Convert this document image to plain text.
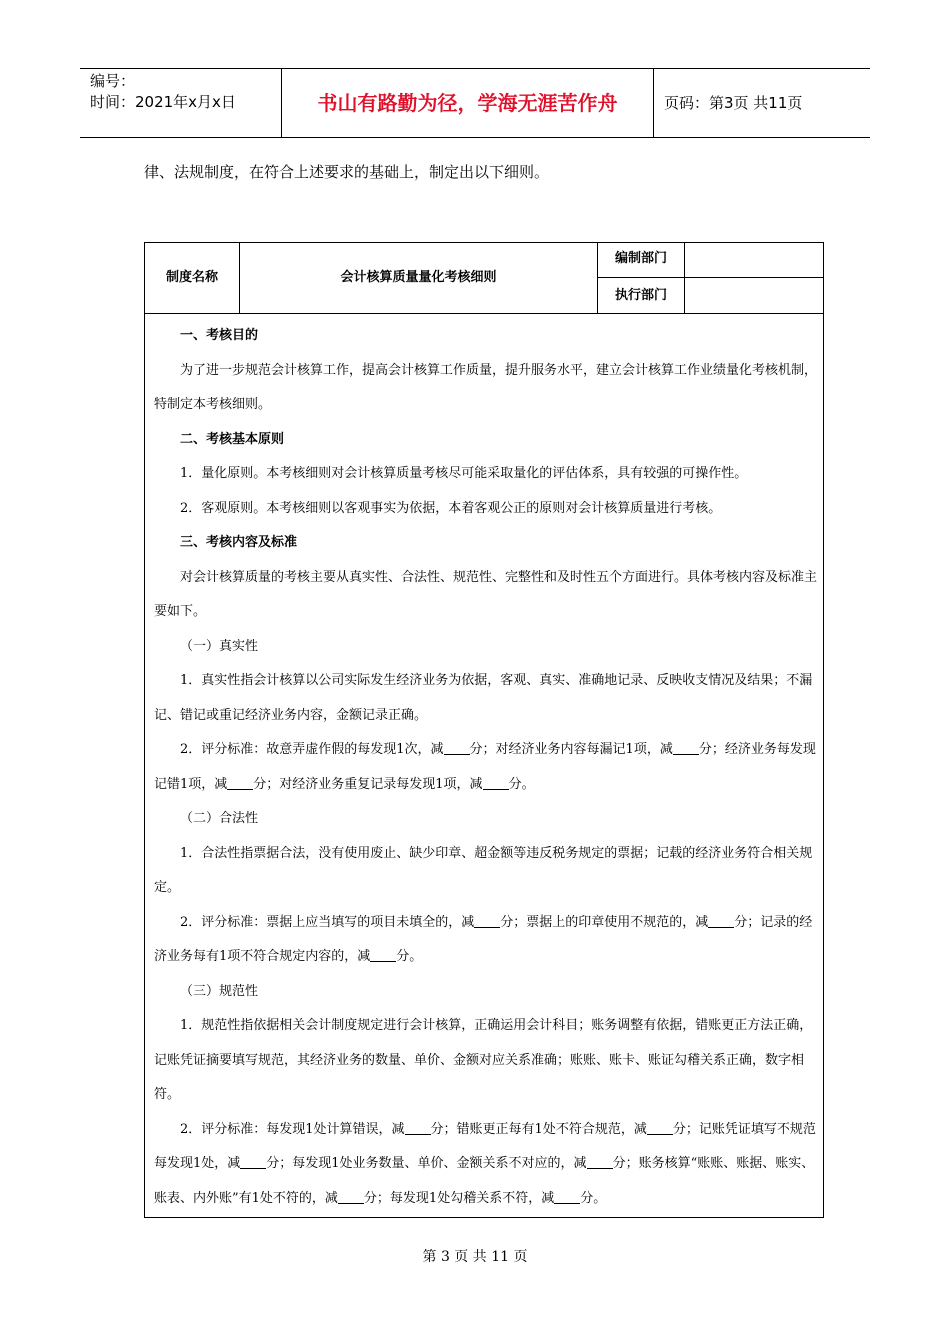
编号：
时间：2021年x月x日	书山有路勤为径，学海无涯苦作舟	页码：第3页 共11页
律、法规制度，在符合上述要求的基础上，制定出以下细则。
制度名称	会计核算质量量化考核细则
编制部门
执行部门

一、考核目的

为了进一步规范会计核算工作，提高会计核算工作质量，提升服务水平，建立会计核算工作业绩量化考核机制，特制定本考核细则。

二、考核基本原则

1．量化原则。本考核细则对会计核算质量考核尽可能采取量化的评估体系，具有较强的可操作性。

2．客观原则。本考核细则以客观事实为依据，本着客观公正的原则对会计核算质量进行考核。

三、考核内容及标准

对会计核算质量的考核主要从真实性、合法性、规范性、完整性和及时性五个方面进行。具体考核内容及标准主要如下。

（一）真实性

1．真实性指会计核算以公司实际发生经济业务为依据，客观、真实、准确地记录、反映收支情况及结果；不漏记、错记或重记经济业务内容，金额记录正确。

2．评分标准：故意弄虚作假的每发现1次，减 分；对经济业务内容每漏记1项，减 分；经济业务每发现记错1项，减 分；对经济业务重复记录每发现1项，减 分。

（二）合法性

1．合法性指票据合法，没有使用废止、缺少印章、超金额等违反税务规定的票据；记载的经济业务符合相关规定。

2．评分标准：票据上应当填写的项目未填全的，减 分；票据上的印章使用不规范的，减 分；记录的经济业务每有1项不符合规定内容的，减 分。

（三）规范性

1．规范性指依据相关会计制度规定进行会计核算，正确运用会计科目；账务调整有依据，错账更正方法正确，记账凭证摘要填写规范，其经济业务的数量、单价、金额对应关系准确；账账、账卡、账证勾稽关系正确，数字相符。

2．评分标准：每发现1处计算错误，减 分；错账更正每有1处不符合规范，减 分；记账凭证填写不规范每发现1处，减 分；每发现1处业务数量、单价、金额关系不对应的，减 分；账务核算“账账、账据、账实、账表、内外账”有1处不符的，减 分；每发现1处勾稽关系不符，减 分。

第 3 页 共 11 页
